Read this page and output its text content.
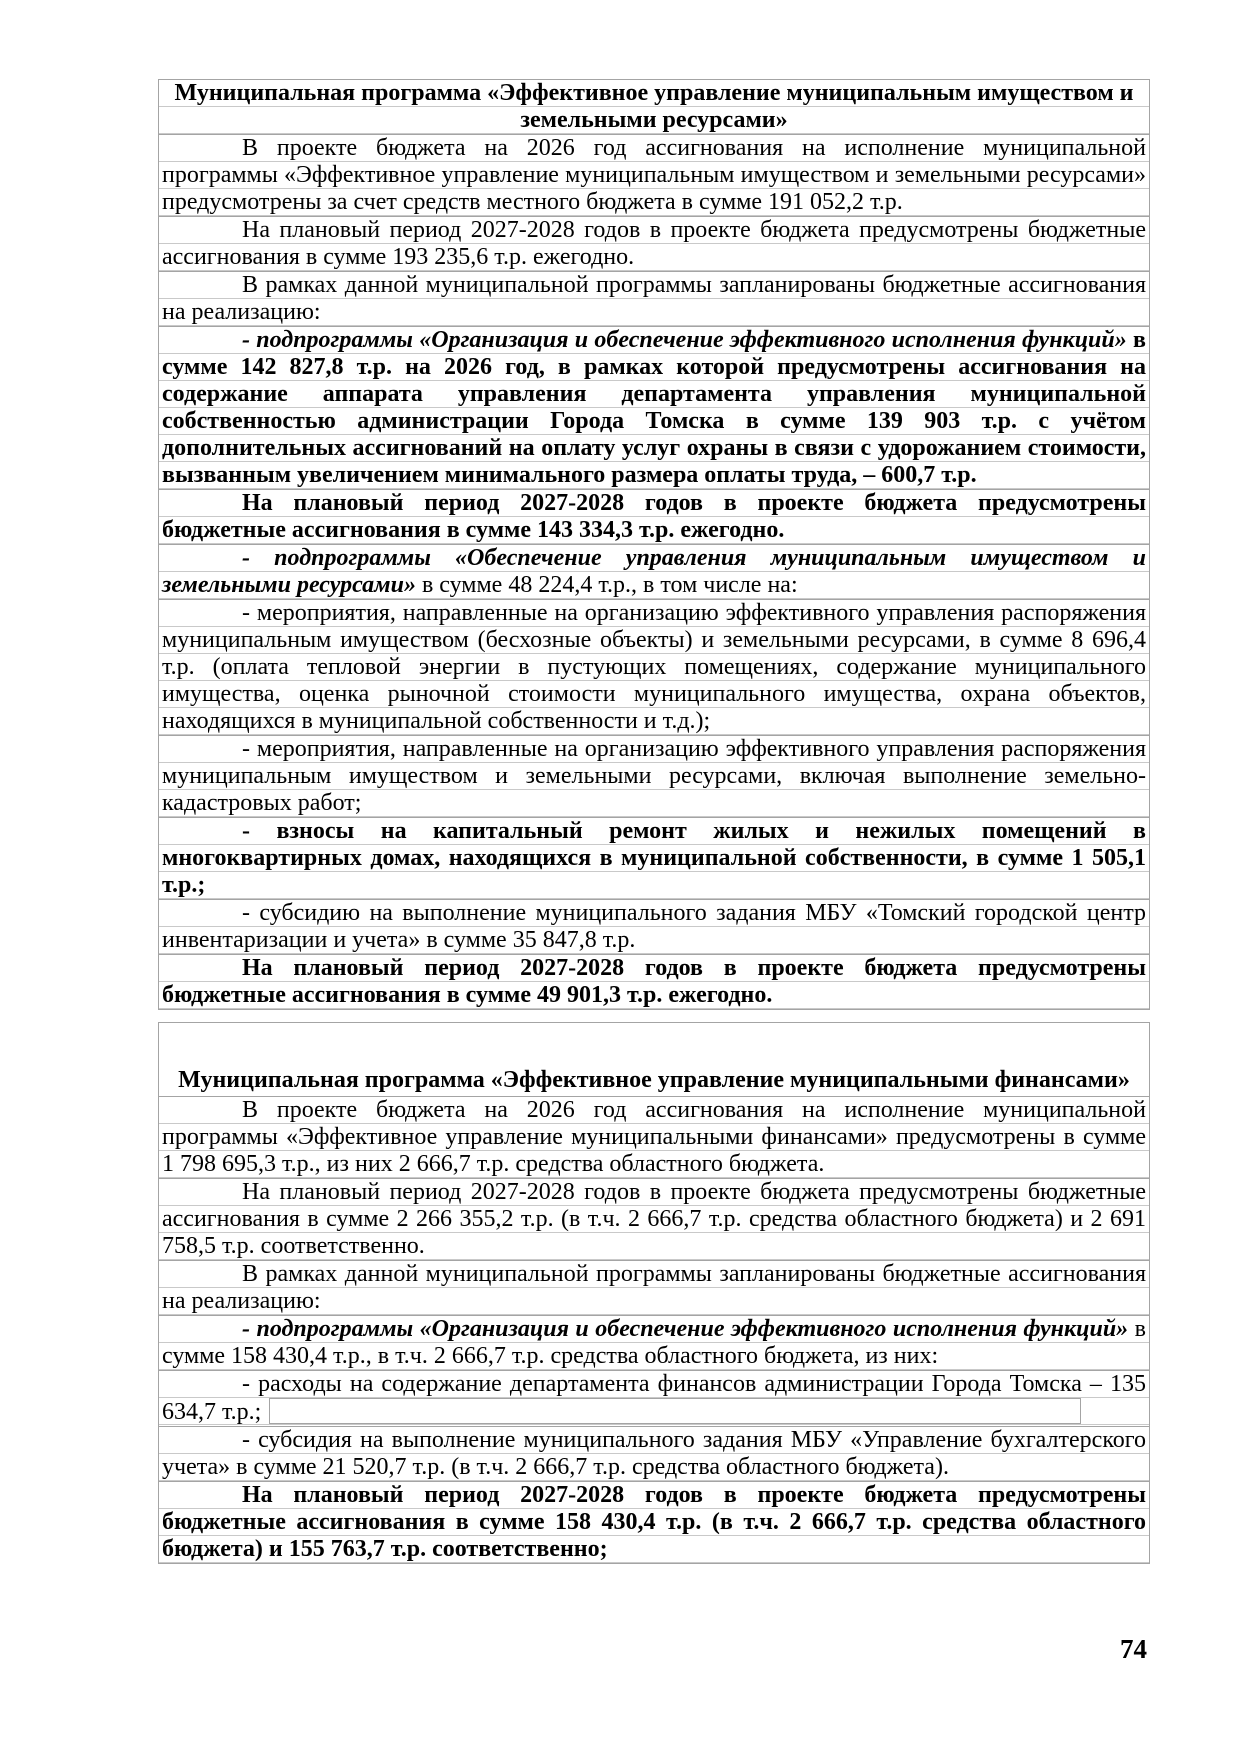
Муниципальная программа «Эффективное управление муниципальным имуществом и земельными ресурсами»
В проекте бюджета на 2026 год ассигнования на исполнение муниципальной программы «Эффективное управление муниципальным имуществом и земельными ресурсами» предусмотрены за счет средств местного бюджета в сумме 191 052,2 т.р.
На плановый период 2027-2028 годов в проекте бюджета предусмотрены бюджетные ассигнования в сумме 193 235,6 т.р. ежегодно.
В рамках данной муниципальной программы запланированы бюджетные ассигнования на реализацию:
- подпрограммы «Организация и обеспечение эффективного исполнения функций» в сумме 142 827,8 т.р. на 2026 год, в рамках которой предусмотрены ассигнования на содержание аппарата управления департамента управления муниципальной собственностью администрации Города Томска в сумме 139 903 т.р. с учётом дополнительных ассигнований на оплату услуг охраны в связи с удорожанием стоимости, вызванным увеличением минимального размера оплаты труда, – 600,7 т.р.
На плановый период 2027-2028 годов в проекте бюджета предусмотрены бюджетные ассигнования в сумме 143 334,3 т.р. ежегодно.
- подпрограммы «Обеспечение управления муниципальным имуществом и земельными ресурсами» в сумме 48 224,4 т.р., в том числе на:
- мероприятия, направленные на организацию эффективного управления распоряжения муниципальным имуществом (бесхозные объекты) и земельными ресурсами, в сумме 8 696,4 т.р. (оплата тепловой энергии в пустующих помещениях, содержание муниципального имущества, оценка рыночной стоимости муниципального имущества, охрана объектов, находящихся в муниципальной собственности и т.д.);
- мероприятия, направленные на организацию эффективного управления распоряжения муниципальным имуществом и земельными ресурсами, включая выполнение земельно-кадастровых работ;
- взносы на капитальный ремонт жилых и нежилых помещений в многоквартирных домах, находящихся в муниципальной собственности, в сумме 1 505,1 т.р.;
- субсидию на выполнение муниципального задания МБУ «Томский городской центр инвентаризации и учета» в сумме 35 847,8 т.р.
На плановый период 2027-2028 годов в проекте бюджета предусмотрены бюджетные ассигнования в сумме 49 901,3 т.р. ежегодно.
Муниципальная программа «Эффективное управление муниципальными финансами»
В проекте бюджета на 2026 год ассигнования на исполнение муниципальной программы «Эффективное управление муниципальными финансами» предусмотрены в сумме 1 798 695,3 т.р., из них 2 666,7 т.р. средства областного бюджета.
На плановый период 2027-2028 годов в проекте бюджета предусмотрены бюджетные ассигнования в сумме 2 266 355,2 т.р. (в т.ч. 2 666,7 т.р. средства областного бюджета) и 2 691 758,5 т.р. соответственно.
В рамках данной муниципальной программы запланированы бюджетные ассигнования на реализацию:
- подпрограммы «Организация и обеспечение эффективного исполнения функций» в сумме 158 430,4 т.р., в т.ч. 2 666,7 т.р. средства областного бюджета, из них:
- расходы на содержание департамента финансов администрации Города Томска – 135 634,7 т.р.;
- субсидия на выполнение муниципального задания МБУ «Управление бухгалтерского учета» в сумме 21 520,7 т.р. (в т.ч. 2 666,7 т.р. средства областного бюджета).
На плановый период 2027-2028 годов в проекте бюджета предусмотрены бюджетные ассигнования в сумме 158 430,4 т.р. (в т.ч. 2 666,7 т.р. средства областного бюджета) и 155 763,7 т.р. соответственно;
74
